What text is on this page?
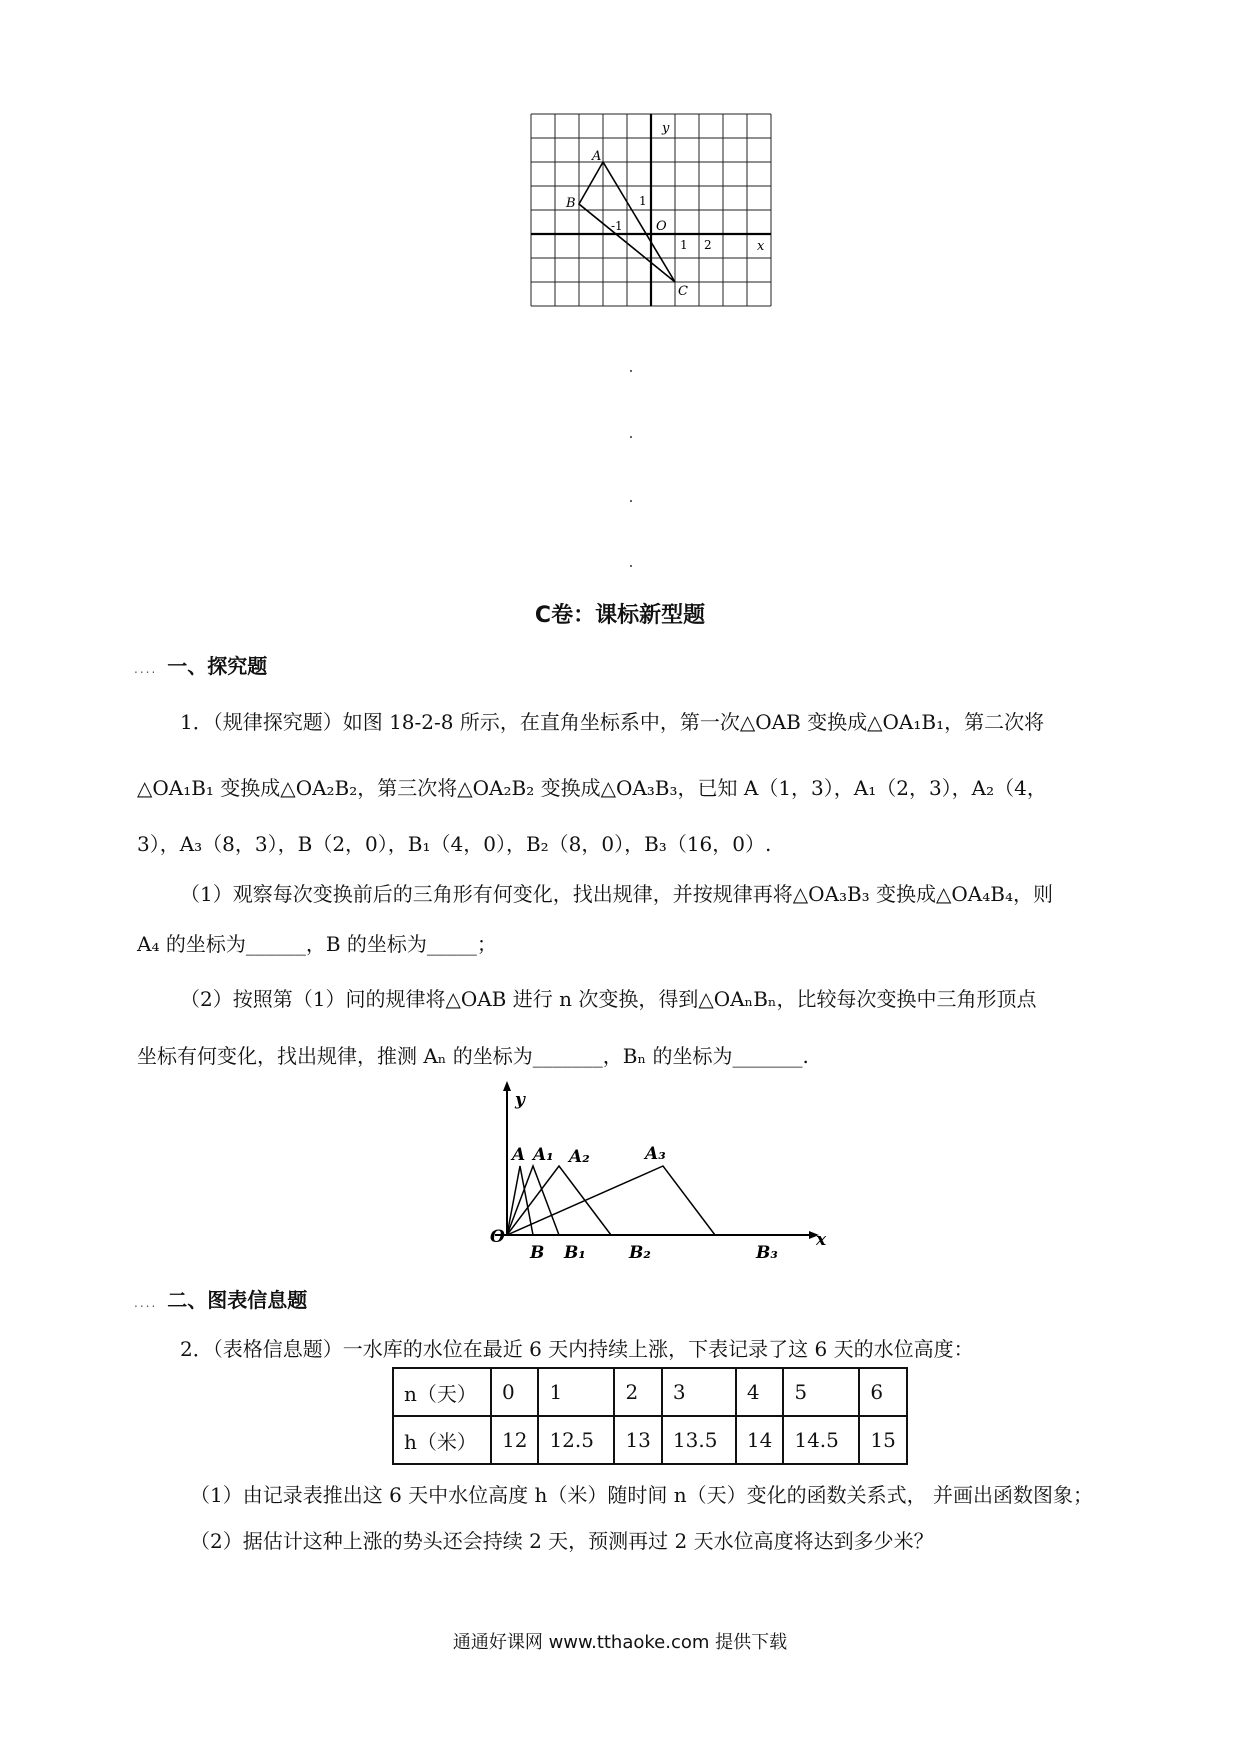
y
x
A
B
C
O
1
-1
1 2
C卷：课标新型题
.... 一、探究题
1．（规律探究题）如图 18-2-8 所示，在直角坐标系中，第一次△OAB 变换成△OA₁B₁，第二次将
△OA₁B₁ 变换成△OA₂B₂，第三次将△OA₂B₂ 变换成△OA₃B₃，已知 A（1，3），A₁（2，3），A₂（4，
3），A₃（8，3），B（2，0），B₁（4，0），B₂（8，0），B₃（16，0）.
（1）观察每次变换前后的三角形有何变化，找出规律，并按规律再将△OA₃B₃ 变换成△OA₄B₄，则
A₄ 的坐标为______，B 的坐标为_____；
（2）按照第（1）问的规律将△OAB 进行 n 次变换，得到△OAₙBₙ，比较每次变换中三角形顶点
坐标有何变化，找出规律，推测 Aₙ 的坐标为_______，Bₙ 的坐标为_______.
y
x
O
A A₁ A₂	A₃
B B₁	B₂	B₃
.... 二、图表信息题
2．（表格信息题）一水库的水位在最近 6 天内持续上涨，下表记录了这 6 天的水位高度：
n（天）	0	1	2	3	4	5	6
h（米）	12	12.5	13	13.5	14	14.5	15
（1）由记录表推出这 6 天中水位高度 h（米）随时间 n（天）变化的函数关系式， 并画出函数图象；
（2）据估计这种上涨的势头还会持续 2 天，预测再过 2 天水位高度将达到多少米？
通通好课网 www.tthaoke.com 提供下载
